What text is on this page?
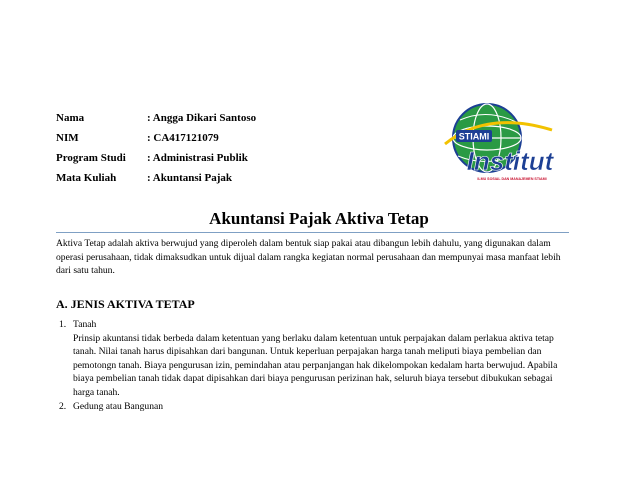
Nama	: Angga Dikari Santoso
NIM	: CA417121079
Program Studi : Administrasi Publik
Mata Kuliah	: Akuntansi Pajak
STIAMI
Institut
ILMU SOSIAL DAN MANAJEMEN STIAMI
Akuntansi Pajak Aktiva Tetap
Aktiva Tetap adalah aktiva berwujud yang diperoleh dalam bentuk siap pakai atau dibangun lebih dahulu, yang digunakan dalam
operasi perusahaan, tidak dimaksudkan untuk dijual dalam rangka kegiatan normal perusahaan dan mempunyai masa manfaat lebih
dari satu tahun.
A. JENIS AKTIVA TETAP
1. Tanah
Prinsip akuntansi tidak berbeda dalam ketentuan yang berlaku dalam ketentuan untuk perpajakan dalam perlakua aktiva tetap
tanah. Nilai tanah harus dipisahkan dari bangunan. Untuk keperluan perpajakan harga tanah meliputi biaya pembelian dan
pemotongn tanah. Biaya pengurusan izin, pemindahan atau perpanjangan hak dikelompokan kedalam harta berwujud. Apabila
biaya pembelian tanah tidak dapat dipisahkan dari biaya pengurusan perizinan hak, seluruh biaya tersebut dibukukan sebagai
harga tanah.
2. Gedung atau Bangunan
